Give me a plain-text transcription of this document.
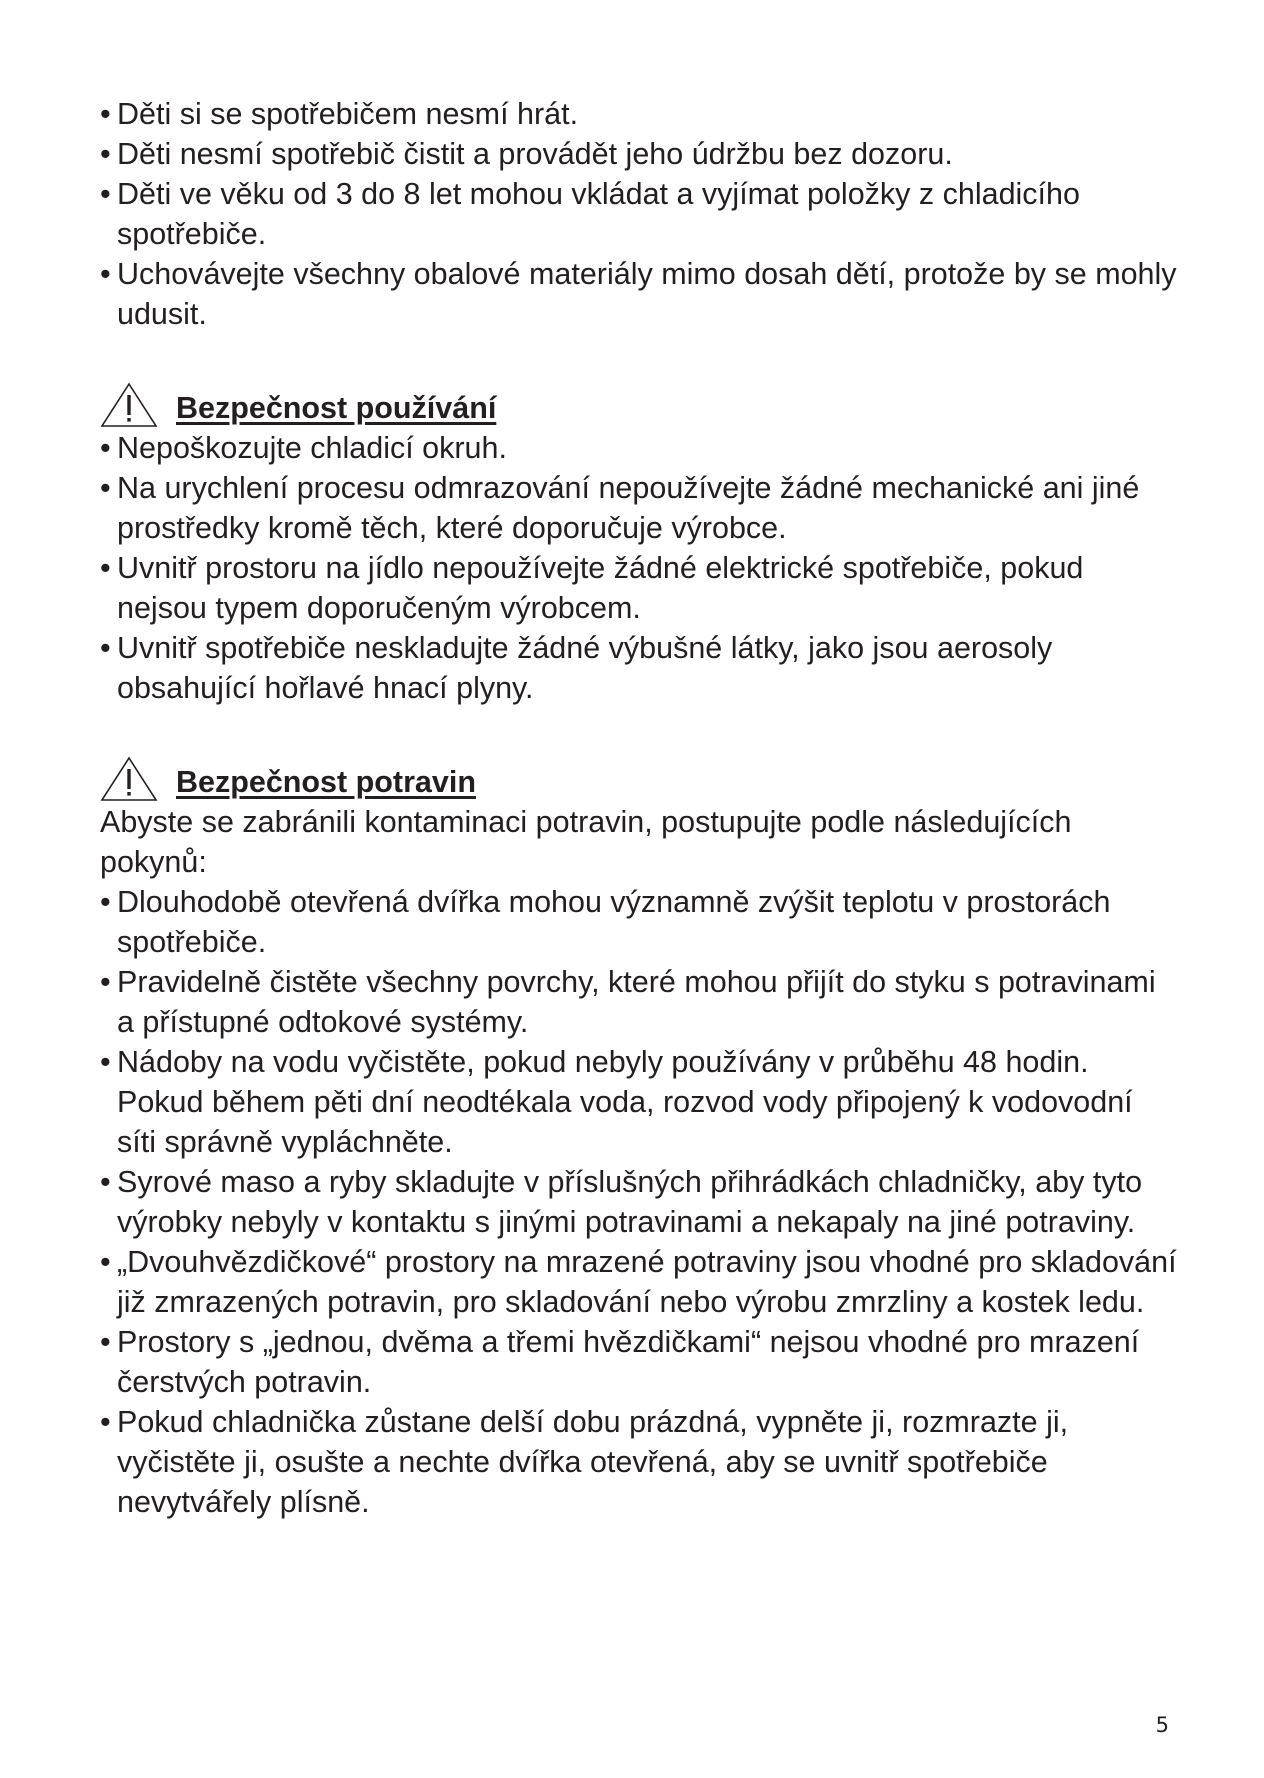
• Děti si se spotřebičem nesmí hrát.
• Děti nesmí spotřebič čistit a provádět jeho údržbu bez dozoru.
• Děti ve věku od 3 do 8 let mohou vkládat a vyjímat položky z chladicího spotřebiče.
• Uchovávejte všechny obalové materiály mimo dosah dětí, protože by se mohly udusit.
Bezpečnost používání
• Nepoškozujte chladicí okruh.
• Na urychlení procesu odmrazování nepoužívejte žádné mechanické ani jiné prostředky kromě těch, které doporučuje výrobce.
• Uvnitř prostoru na jídlo nepoužívejte žádné elektrické spotřebiče, pokud nejsou typem doporučeným výrobcem.
• Uvnitř spotřebiče neskladujte žádné výbušné látky, jako jsou aerosoly obsahující hořlavé hnací plyny.
Bezpečnost potravin

Abyste se zabránili kontaminaci potravin, postupujte podle následujících pokynů:

• Dlouhodobě otevřená dvířka mohou významně zvýšit teplotu v prostorách spotřebiče.
• Pravidelně čistěte všechny povrchy, které mohou přijít do styku s potravinami a přístupné odtokové systémy.
• Nádoby na vodu vyčistěte, pokud nebyly používány v průběhu 48 hodin. Pokud během pěti dní neodtékala voda, rozvod vody připojený k vodovodní síti správně vypláchněte.
• Syrové maso a ryby skladujte v příslušných přihrádkách chladničky, aby tyto výrobky nebyly v kontaktu s jinými potravinami a nekapaly na jiné potraviny.
• „Dvouhvězdičkové“ prostory na mrazené potraviny jsou vhodné pro skladování již zmrazených potravin, pro skladování nebo výrobu zmrzliny a kostek ledu.
• Prostory s „jednou, dvěma a třemi hvězdičkami“ nejsou vhodné pro mrazení čerstvých potravin.
• Pokud chladnička zůstane delší dobu prázdná, vypněte ji, rozmrazte ji, vyčistěte ji, osušte a nechte dvířka otevřená, aby se uvnitř spotřebiče nevytvářely plísně.
5
